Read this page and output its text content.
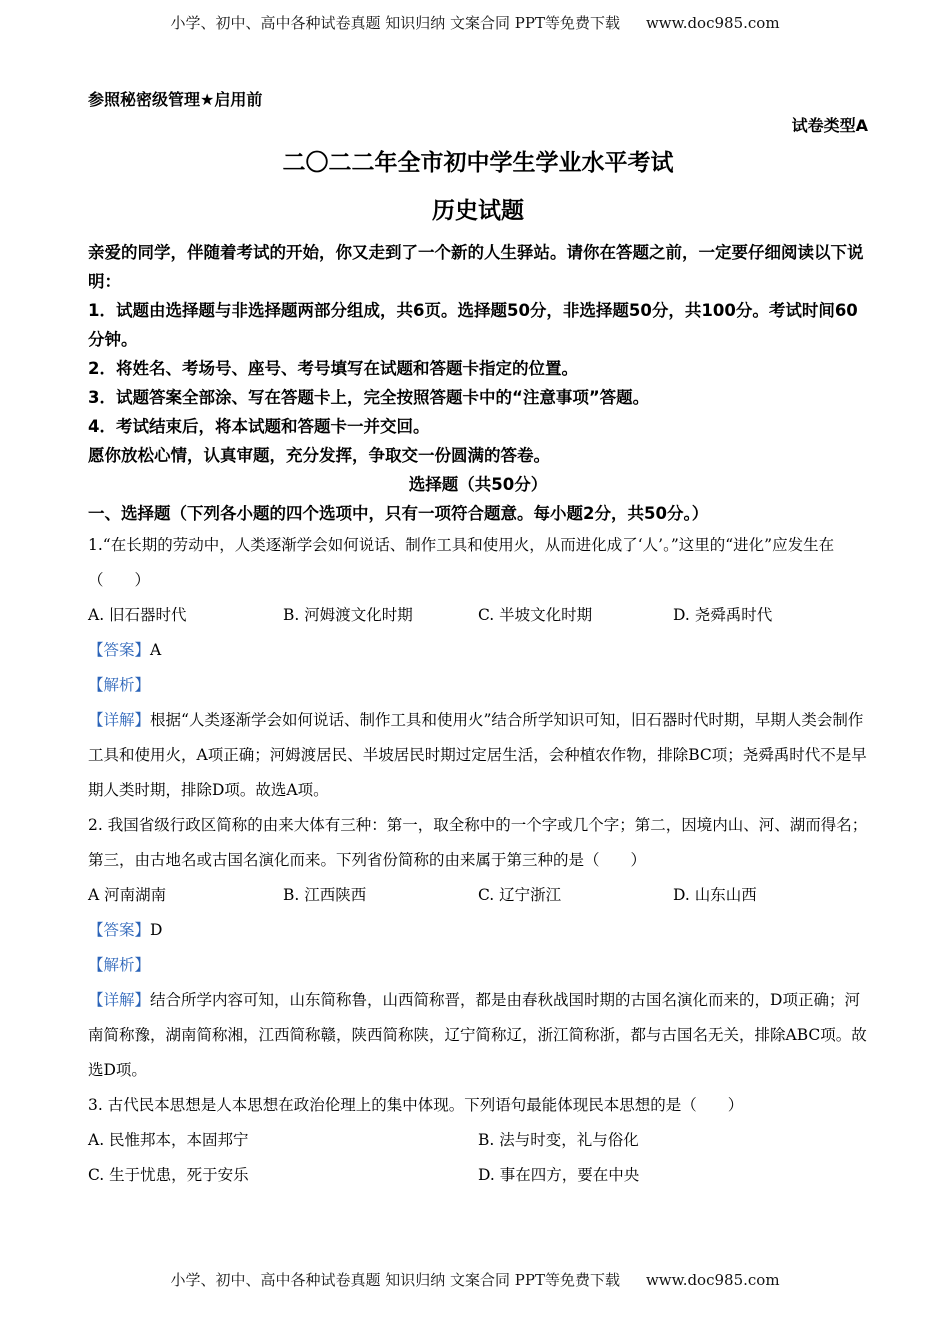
小学、初中、高中各种试卷真题 知识归纳 文案合同 PPT等免费下载 www.doc985.com
参照秘密级管理★启用前
试卷类型A
二〇二二年全市初中学生学业水平考试
历史试题

亲爱的同学，伴随着考试的开始，你又走到了一个新的人生驿站。请你在答题之前，一定要仔细阅读以下说明：

1．试题由选择题与非选择题两部分组成，共6页。选择题50分，非选择题50分，共100分。考试时间60分钟。

2．将姓名、考场号、座号、考号填写在试题和答题卡指定的位置。

3．试题答案全部涂、写在答题卡上，完全按照答题卡中的“注意事项”答题。

4．考试结束后，将本试题和答题卡一并交回。

愿你放松心情，认真审题，充分发挥，争取交一份圆满的答卷。

选择题（共50分）
一、选择题（下列各小题的四个选项中，只有一项符合题意。每小题2分，共50分。）

1.“在长期的劳动中，人类逐渐学会如何说话、制作工具和使用火，从而进化成了‘人’。”这里的“进化”应发生在（　　）

A. 旧石器时代	B. 河姆渡文化时期	C. 半坡文化时期	D. 尧舜禹时代

【答案】A

【解析】

【详解】根据“人类逐渐学会如何说话、制作工具和使用火”结合所学知识可知，旧石器时代时期，早期人类会制作工具和使用火，A项正确；河姆渡居民、半坡居民时期过定居生活，会种植农作物，排除BC项；尧舜禹时代不是早期人类时期，排除D项。故选A项。

2. 我国省级行政区简称的由来大体有三种：第一，取全称中的一个字或几个字；第二，因境内山、河、湖而得名；第三，由古地名或古国名演化而来。下列省份简称的由来属于第三种的是（　　）

A 河南湖南	B. 江西陕西	C. 辽宁浙江	D. 山东山西

【答案】D

【解析】

【详解】结合所学内容可知，山东简称鲁，山西简称晋，都是由春秋战国时期的古国名演化而来的，D项正确；河南简称豫，湖南简称湘，江西简称赣，陕西简称陕，辽宁简称辽，浙江简称浙，都与古国名无关，排除ABC项。故选D项。

3. 古代民本思想是人本思想在政治伦理上的集中体现。下列语句最能体现民本思想的是（　　）

A. 民惟邦本，本固邦宁	B. 法与时变，礼与俗化
C. 生于忧患，死于安乐	D. 事在四方，要在中央
小学、初中、高中各种试卷真题 知识归纳 文案合同 PPT等免费下载 www.doc985.com
